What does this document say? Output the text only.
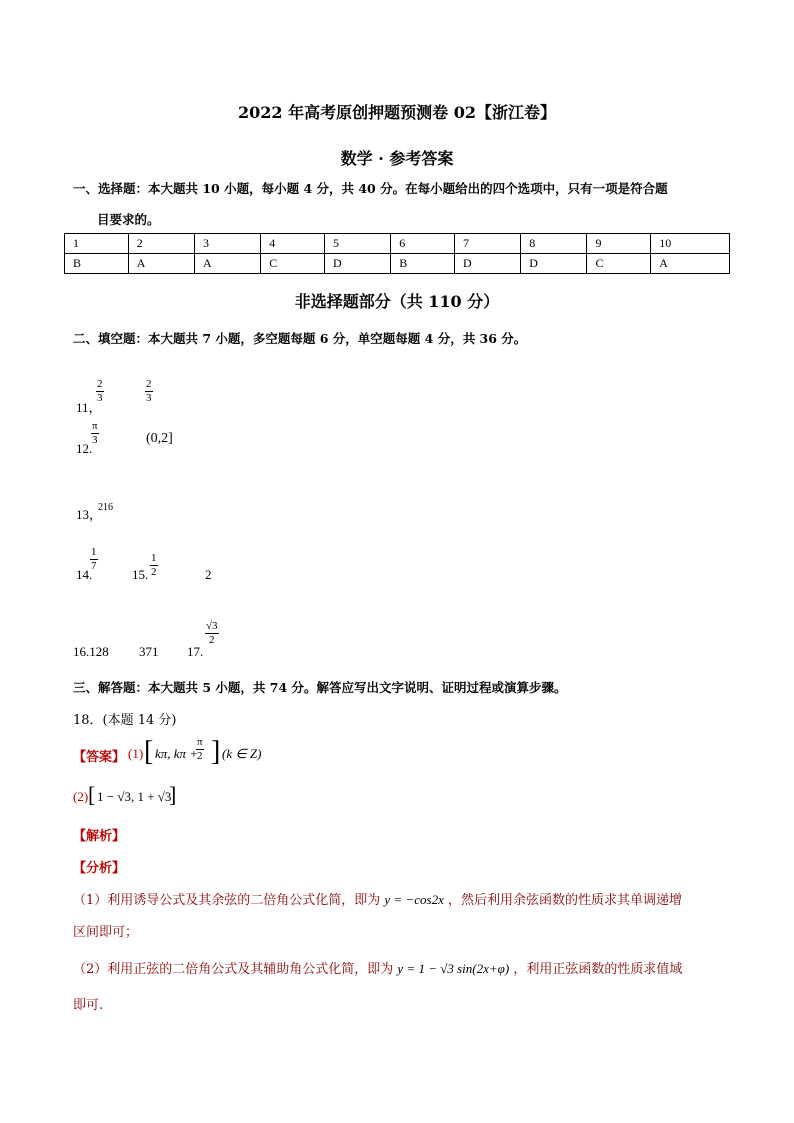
2022 年高考原创押题预测卷 02【浙江卷】
数学 · 参考答案
一、选择题：本大题共 10 小题，每小题 4 分，共 40 分。在每小题给出的四个选项中，只有一项是符合题
目要求的。
1	2	3	4	5	6	7	8	9	10
B	A	A	C	D	B	D	D	C	A
非选择题部分（共 110 分）
二、填空题：本大题共 7 小题，多空题每题 6 分，单空题每题 4 分，共 36 分。
11，
$\frac{2}{3}$	$\frac{2}{3}$
12.
$\frac{\pi}{3}$	(0,2]
13，
216
14.
$\frac{1}{7}$
15. $\frac{1}{2}$	2
16.128 371 17.
$\frac{√3}{2}$
三、解答题：本大题共 5 小题，共 74 分。解答应写出文字说明、证明过程或演算步骤。
18．(本题 14 分)
【答案】 (1) [ kπ, kπ +
$\frac{\pi}{2}$ ] (k ∈ Z)
(2) [ 1 − √3, 1 + √3
]
【解析】
【分析】
（1）利用诱导公式及其余弦的二倍角公式化简，即为 y = −cos2x ，然后利用余弦函数的性质求其单调递增
区间即可；
（2）利用正弦的二倍角公式及其辅助角公式化简，即为 y = 1 − √3 sin(2x+φ) ，利用正弦函数的性质求值域
即可.
